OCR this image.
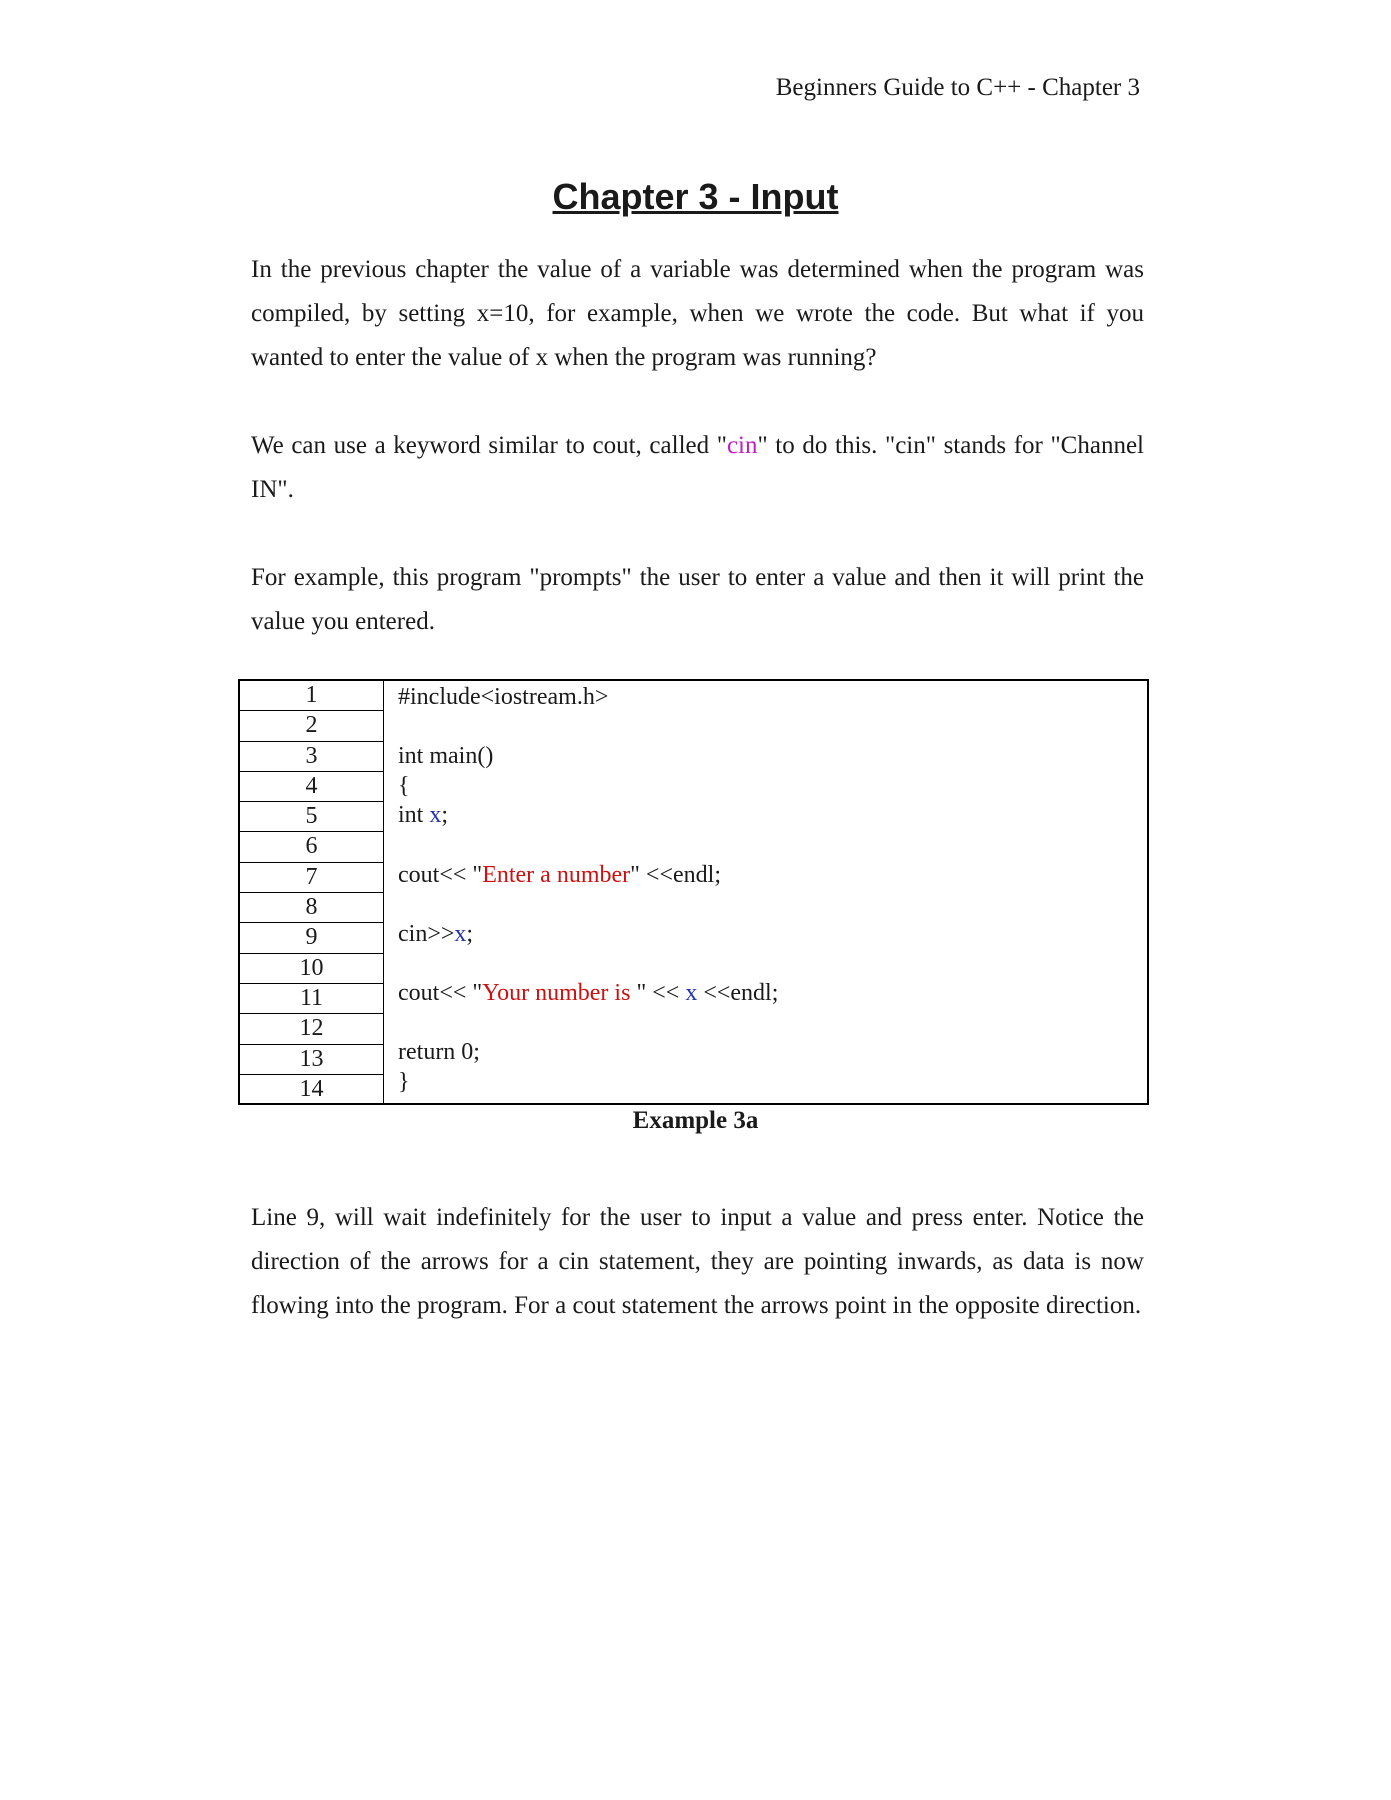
Beginners Guide to C++ - Chapter 3
Chapter 3 - Input

In the previous chapter the value of a variable was determined when the program was compiled, by setting x=10, for example, when we wrote the code. But what if you wanted to enter the value of x when the program was running?

We can use a keyword similar to cout, called "cin" to do this. "cin" stands for "Channel IN".

For example, this program "prompts" the user to enter a value and then it will print the value you entered.

1
2
3
4
5
6
7
8
9
10
11
12
13
14
#include<iostream.h>
int main()
{
int x;
cout<< "Enter a number" <<endl;
cin>>x;
cout<< "Your number is " << x <<endl;
return 0;
}

Example 3a

Line 9, will wait indefinitely for the user to input a value and press enter. Notice the direction of the arrows for a cin statement, they are pointing inwards, as data is now flowing into the program. For a cout statement the arrows point in the opposite direction.
